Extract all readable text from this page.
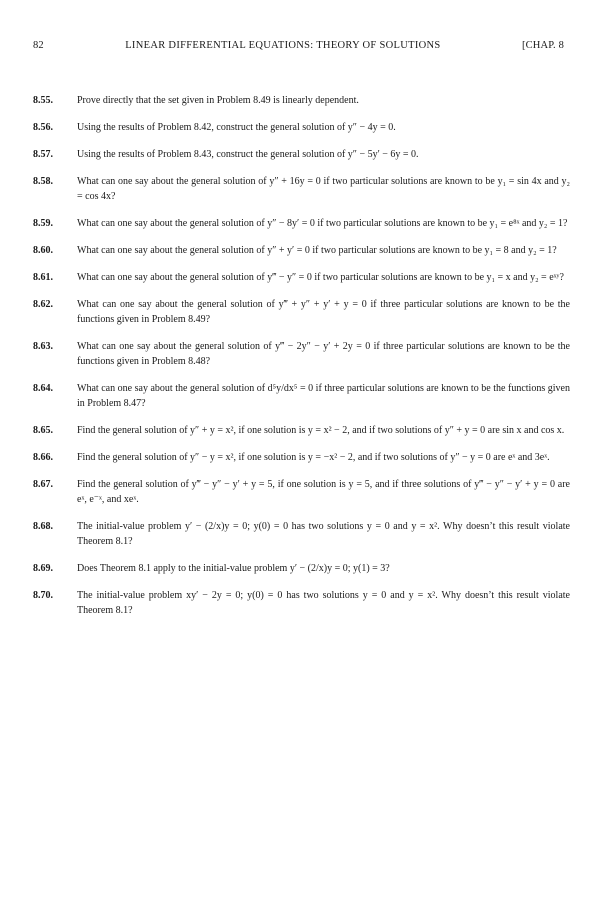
82	LINEAR DIFFERENTIAL EQUATIONS: THEORY OF SOLUTIONS	[CHAP. 8
8.55.	Prove directly that the set given in Problem 8.49 is linearly dependent.
8.56.	Using the results of Problem 8.42, construct the general solution of y″ − 4y = 0.
8.57.	Using the results of Problem 8.43, construct the general solution of y″ − 5y′ − 6y = 0.
8.58.	What can one say about the general solution of y″ + 16y = 0 if two particular solutions are known to be y₁ = sin 4x and y₂ = cos 4x?
8.59.	What can one say about the general solution of y″ − 8y′ = 0 if two particular solutions are known to be y₁ = e⁸ˣ and y₂ = 1?
8.60.	What can one say about the general solution of y″ + y′ = 0 if two particular solutions are known to be y₁ = 8 and y₂ = 1?
8.61.	What can one say about the general solution of y‴ − y″ = 0 if two particular solutions are known to be y₁ = x and y₂ = eˣʸ?
8.62.	What can one say about the general solution of y‴ + y″ + y′ + y = 0 if three particular solutions are known to be the functions given in Problem 8.49?
8.63.	What can one say about the general solution of y‴ − 2y″ − y′ + 2y = 0 if three particular solutions are known to be the functions given in Problem 8.48?
8.64.	What can one say about the general solution of d⁵y/dx⁵ = 0 if three particular solutions are known to be the functions given in Problem 8.47?
8.65.	Find the general solution of y″ + y = x², if one solution is y = x² − 2, and if two solutions of y″ + y = 0 are sin x and cos x.
8.66.	Find the general solution of y″ − y = x², if one solution is y = −x² − 2, and if two solutions of y″ − y = 0 are eˣ and 3eˣ.
8.67.	Find the general solution of y‴ − y″ − y′ + y = 5, if one solution is y = 5, and if three solutions of y‴ − y″ − y′ + y = 0 are eˣ, e⁻ˣ, and xeˣ.
8.68.	The initial-value problem y′ − (2/x)y = 0; y(0) = 0 has two solutions y = 0 and y = x². Why doesn’t this result violate Theorem 8.1?
8.69.	Does Theorem 8.1 apply to the initial-value problem y′ − (2/x)y = 0; y(1) = 3?
8.70.	The initial-value problem xy′ − 2y = 0; y(0) = 0 has two solutions y = 0 and y = x². Why doesn’t this result violate Theorem 8.1?
